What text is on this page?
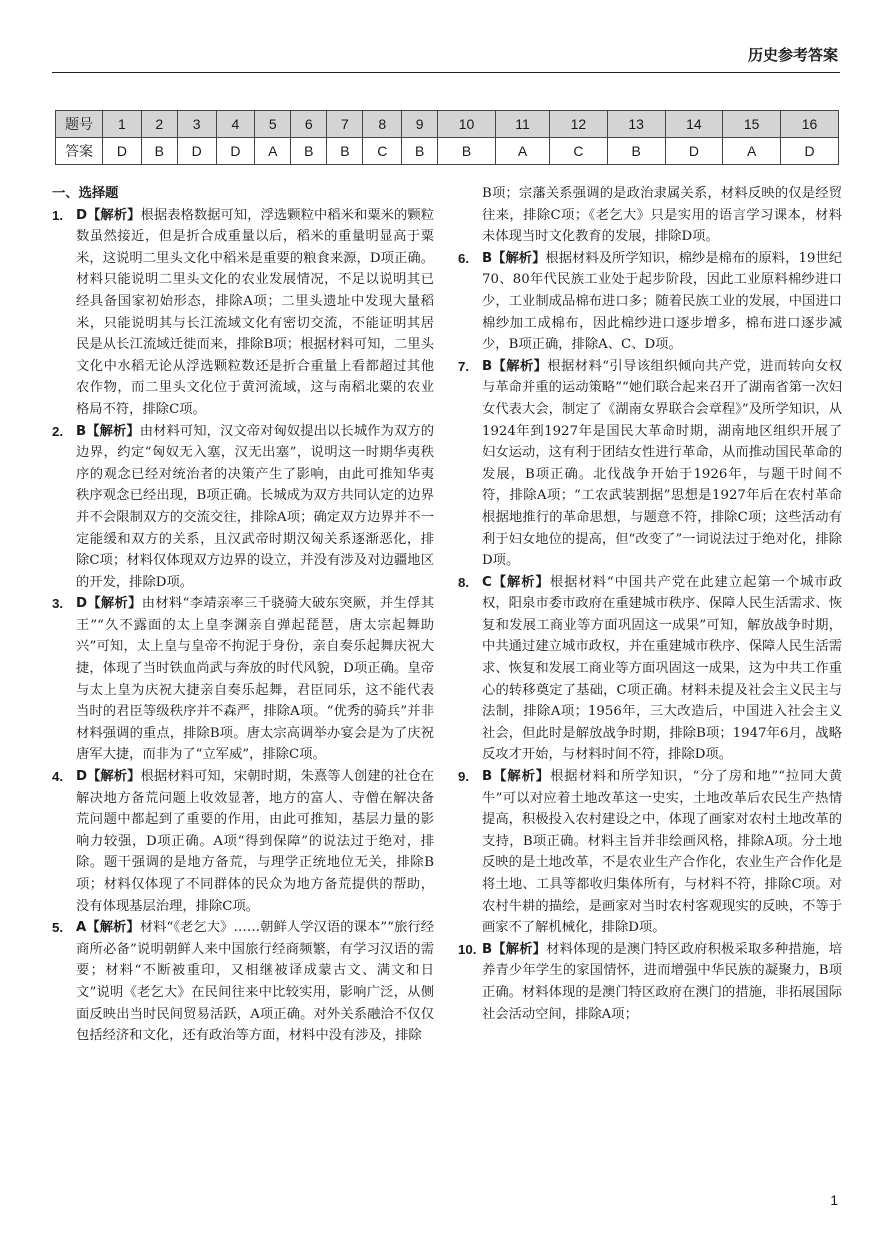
历史参考答案
题号	1	2	3	4	5	6	7	8	9	10	11	12	13	14	15	16
答案	D	B	D	D	A	B	B	C	B	B	A	C	B	D	A	D
一、选择题
1. D【解析】根据表格数据可知，浮选颗粒中稻米和粟米的颗粒数虽然接近，但是折合成重量以后，稻米的重量明显高于粟米，这说明二里头文化中稻米是重要的粮食来源，D项正确。材料只能说明二里头文化的农业发展情况，不足以说明其已经具备国家初始形态，排除A项；二里头遗址中发现大量稻米，只能说明其与长江流域文化有密切交流，不能证明其居民是从长江流域迁徙而来，排除B项；根据材料可知，二里头文化中水稻无论从浮选颗粒数还是折合重量上看都超过其他农作物，而二里头文化位于黄河流域，这与南稻北粟的农业格局不符，排除C项。
2. B【解析】由材料可知，汉文帝对匈奴提出以长城作为双方的边界，约定“匈奴无入塞，汉无出塞”，说明这一时期华夷秩序的观念已经对统治者的决策产生了影响，由此可推知华夷秩序观念已经出现，B项正确。长城成为双方共同认定的边界并不会限制双方的交流交往，排除A项；确定双方边界并不一定能缓和双方的关系，且汉武帝时期汉匈关系逐渐恶化，排除C项；材料仅体现双方边界的设立，并没有涉及对边疆地区的开发，排除D项。
3. D【解析】由材料“李靖亲率三千骁骑大破东突厥，并生俘其王”“久不露面的太上皇李渊亲自弹起琵琶，唐太宗起舞助兴”可知，太上皇与皇帝不拘泥于身份，亲自奏乐起舞庆祝大捷，体现了当时铁血尚武与奔放的时代风貌，D项正确。皇帝与太上皇为庆祝大捷亲自奏乐起舞，君臣同乐，这不能代表当时的君臣等级秩序并不森严，排除A项。“优秀的骑兵”并非材料强调的重点，排除B项。唐太宗高调举办宴会是为了庆祝唐军大捷，而非为了“立军威”，排除C项。
4. D【解析】根据材料可知，宋朝时期，朱熹等人创建的社仓在解决地方备荒问题上收效显著，地方的富人、寺僧在解决备荒问题中都起到了重要的作用，由此可推知，基层力量的影响力较强，D项正确。A项“得到保障”的说法过于绝对，排除。题干强调的是地方备荒，与理学正统地位无关，排除B项；材料仅体现了不同群体的民众为地方备荒提供的帮助，没有体现基层治理，排除C项。
5. A【解析】材料“《老乞大》……朝鲜人学汉语的课本”“旅行经商所必备”说明朝鲜人来中国旅行经商频繁，有学习汉语的需要；材料“不断被重印，又相继被译成蒙古文、满文和日文”说明《老乞大》在民间往来中比较实用，影响广泛，从侧面反映出当时民间贸易活跃，A项正确。对外关系融洽不仅仅包括经济和文化，还有政治等方面，材料中没有涉及，排除
B项；宗藩关系强调的是政治隶属关系，材料反映的仅是经贸往来，排除C项；《老乞大》只是实用的语言学习课本，材料未体现当时文化教育的发展，排除D项。
6. B【解析】根据材料及所学知识，棉纱是棉布的原料，19世纪70、80年代民族工业处于起步阶段，因此工业原料棉纱进口少，工业制成品棉布进口多；随着民族工业的发展，中国进口棉纱加工成棉布，因此棉纱进口逐步增多，棉布进口逐步减少，B项正确，排除A、C、D项。
7. B【解析】根据材料“引导该组织倾向共产党，进而转向女权与革命并重的运动策略”“她们联合起来召开了湖南省第一次妇女代表大会，制定了《湖南女界联合会章程》”及所学知识，从1924年到1927年是国民大革命时期，湖南地区组织开展了妇女运动，这有利于团结女性进行革命，从而推动国民革命的发展，B项正确。北伐战争开始于1926年，与题干时间不符，排除A项；“工农武装割据”思想是1927年后在农村革命根据地推行的革命思想，与题意不符，排除C项；这些活动有利于妇女地位的提高，但“改变了”一词说法过于绝对化，排除D项。
8. C【解析】根据材料“中国共产党在此建立起第一个城市政权，阳泉市委市政府在重建城市秩序、保障人民生活需求、恢复和发展工商业等方面巩固这一成果”可知，解放战争时期，中共通过建立城市政权，并在重建城市秩序、保障人民生活需求、恢复和发展工商业等方面巩固这一成果，这为中共工作重心的转移奠定了基础，C项正确。材料未提及社会主义民主与法制，排除A项；1956年，三大改造后，中国进入社会主义社会，但此时是解放战争时期，排除B项；1947年6月，战略反攻才开始，与材料时间不符，排除D项。
9. B【解析】根据材料和所学知识，“分了房和地”“拉同大黄牛”可以对应着土地改革这一史实，土地改革后农民生产热情提高，积极投入农村建设之中，体现了画家对农村土地改革的支持，B项正确。材料主旨并非绘画风格，排除A项。分土地反映的是土地改革，不是农业生产合作化，农业生产合作化是将土地、工具等都收归集体所有，与材料不符，排除C项。对农村牛耕的描绘，是画家对当时农村客观现实的反映，不等于画家不了解机械化，排除D项。
10. B【解析】材料体现的是澳门特区政府积极采取多种措施，培养青少年学生的家国情怀，进而增强中华民族的凝聚力，B项正确。材料体现的是澳门特区政府在澳门的措施，非拓展国际社会活动空间，排除A项；
1
